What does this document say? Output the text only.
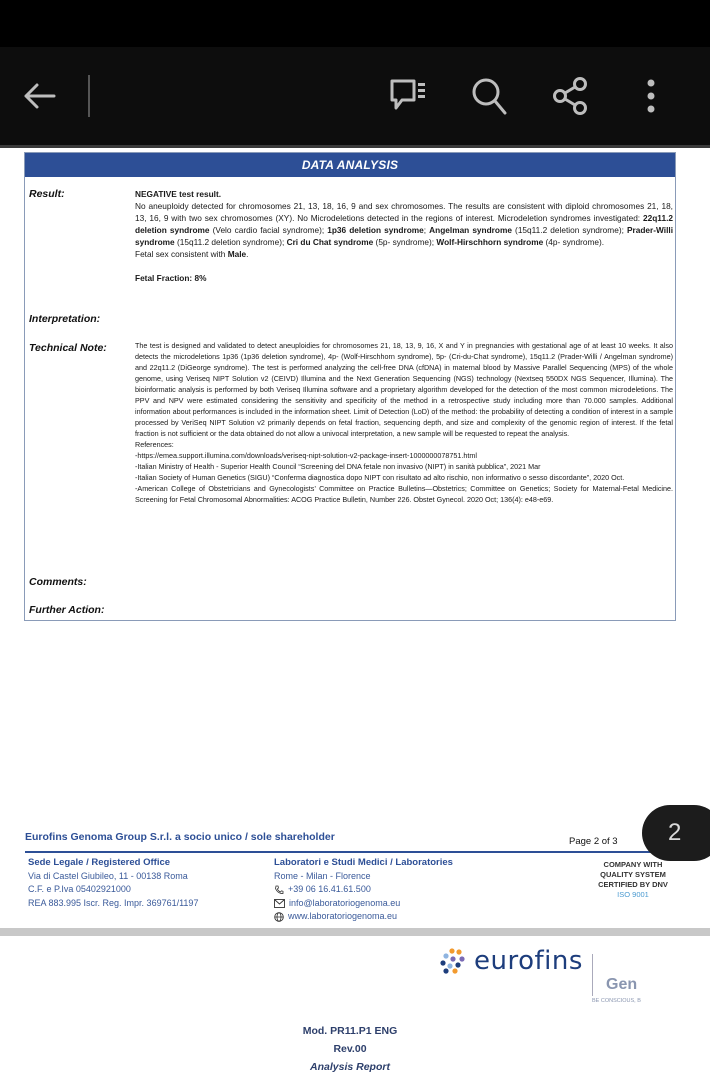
DATA ANALYSIS
Result:	NEGATIVE test result.

No aneuploidy detected for chromosomes 21, 13, 18, 16, 9 and sex chromosomes. The results are consistent with diploid chromosomes 21, 18, 13, 16, 9 with two sex chromosomes (XY). No Microdeletions detected in the regions of interest. Microdeletion syndromes investigated: 22q11.2 deletion syndrome (Velo cardio facial syndrome); 1p36 deletion syndrome; Angelman syndrome (15q11.2 deletion syndrome); Prader-Willi syndrome (15q11.2 deletion syndrome); Cri du Chat syndrome (5p- syndrome); Wolf-Hirschhorn syndrome (4p- syndrome).

Fetal sex consistent with Male.

Fetal Fraction: 8%

Interpretation:
Technical Note:	The test is designed and validated to detect aneuploidies for chromosomes 21, 18, 13, 9, 16, X and Y in pregnancies with gestational age of at least 10 weeks. It also detects the microdeletions 1p36 (1p36 deletion syndrome), 4p- (Wolf-Hirschhorn syndrome), 5p- (Cri-du-Chat syndrome), 15q11.2 (Prader-Willi / Angelman syndrome) and 22q11.2 (DiGeorge syndrome). The test is performed analyzing the cell-free DNA (cfDNA) in maternal blood by Massive Parallel Sequencing (MPS) of the whole genome, using Veriseq NIPT Solution v2 (CEIVD) Illumina and the Next Generation Sequencing (NGS) technology (Nextseq 550DX NGS Sequencer, Illumina). The bioinformatic analysis is performed by both Veriseq Illumina software and a proprietary algorithm developed for the detection of the most common microdeletions. The PPV and NPV were estimated considering the sensitivity and specificity of the method in a retrospective study including more than 70.000 samples. Additional information about performances is included in the information sheet. Limit of Detection (LoD) of the method: the probability of detecting a condition of interest in a sample processed by VeriSeq NIPT Solution v2 primarily depends on fetal fraction, sequencing depth, and size and complexity of the genomic region of interest. If the fetal fraction is not sufficient or the data obtained do not allow a univocal interpretation, a new sample will be requested to repeat the analysis.

References:

-https://emea.support.illumina.com/downloads/veriseq-nipt-solution-v2-package-insert-1000000078751.html

-Italian Ministry of Health - Superior Health Council “Screening del DNA fetale non invasivo (NIPT) in sanità pubblica”, 2021 Mar

-Italian Society of Human Genetics (SIGU) “Conferma diagnostica dopo NIPT con risultato ad alto rischio, non informativo o sesso discordante”, 2020 Oct.

-American College of Obstetricians and Gynecologists’ Committee on Practice Bulletins—Obstetrics; Committee on Genetics; Society for Maternal-Fetal Medicine. Screening for Fetal Chromosomal Abnormalities: ACOG Practice Bulletin, Number 226. Obstet Gynecol. 2020 Oct; 136(4): e48-e69.

Comments:
Further Action:
Eurofins Genoma Group S.r.l. a socio unico / sole shareholder	Page 2 of 3
Sede Legale / Registered Office
Via di Castel Giubileo, 11 - 00138 Roma
C.F. e P.Iva 05402921000
REA 883.995 Iscr. Reg. Impr. 369761/1197
Laboratori e Studi Medici / Laboratories
Rome - Milan - Florence
+39 06 16.41.61.500
info@laboratoriogenoma.eu
www.laboratoriogenoma.eu
COMPANY WITH
QUALITY SYSTEM
CERTIFIED BY DNV
ISO 9001
eurofins
Gen
BE CONSCIOUS, B
Mod. PR11.P1 ENG
Rev.00
Analysis Report
2
